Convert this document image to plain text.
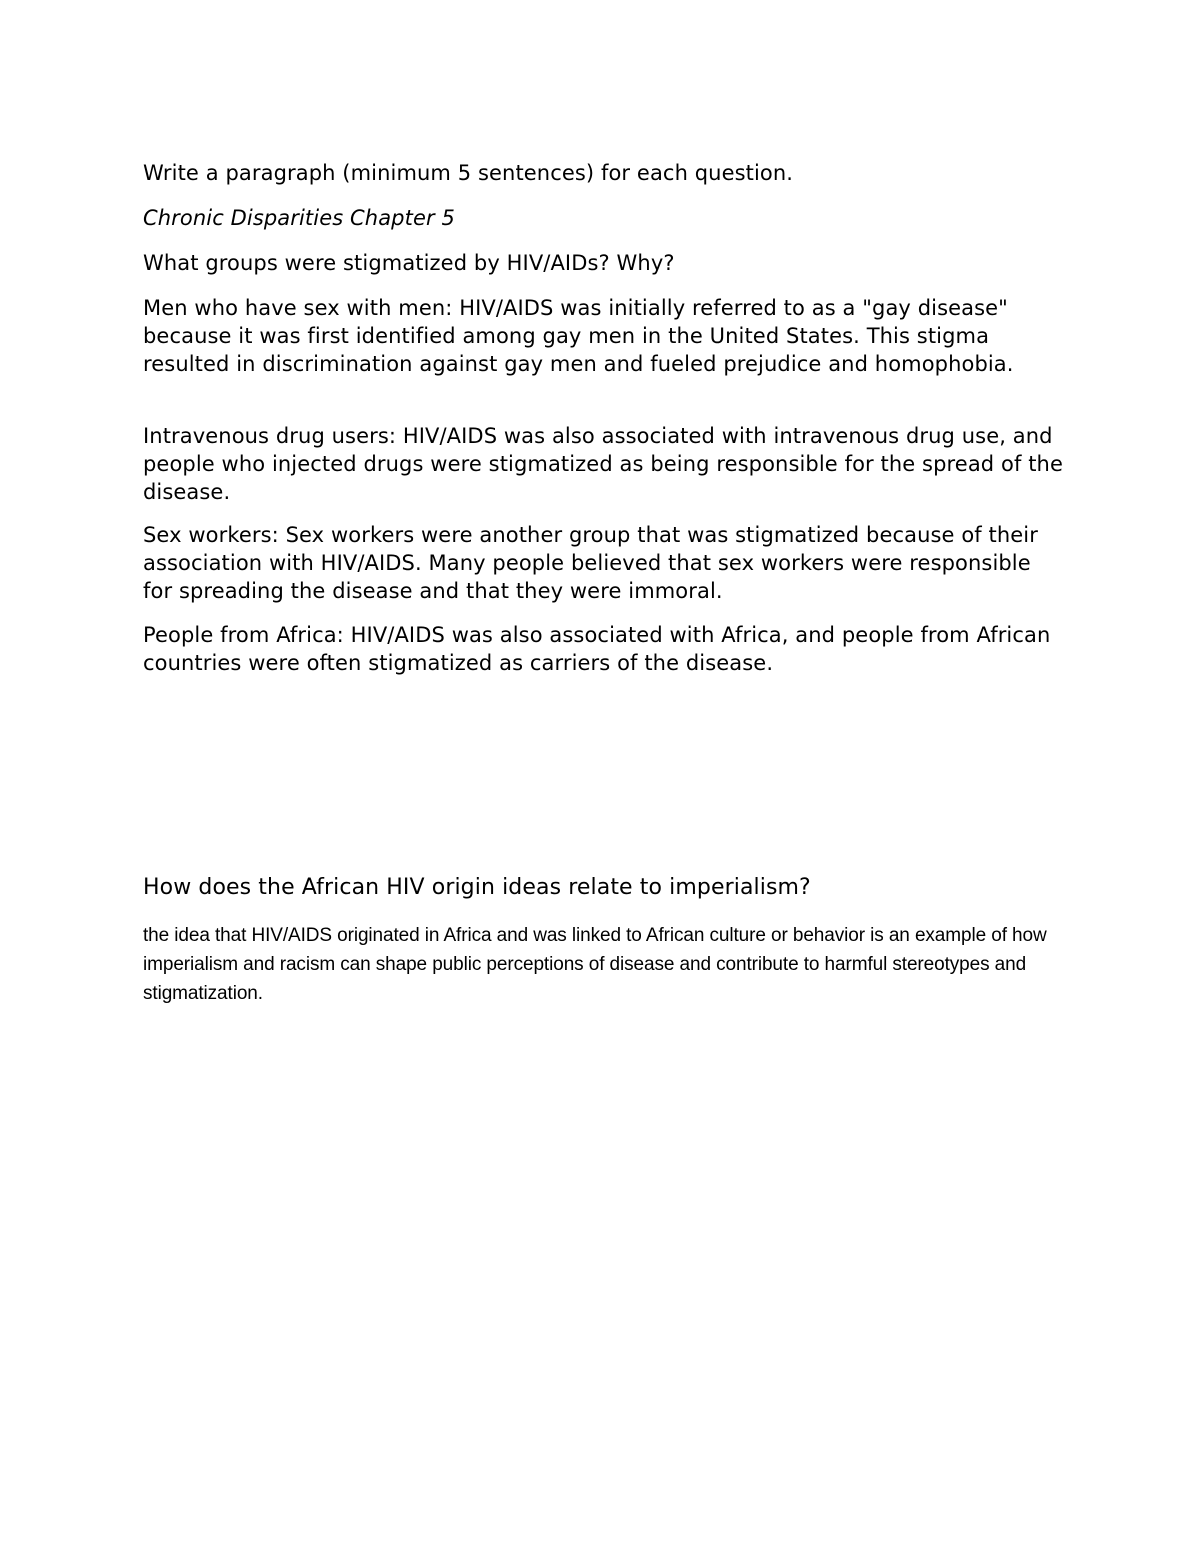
Write a paragraph (minimum 5 sentences) for each question.

Chronic Disparities Chapter 5

What groups were stigmatized by HIV/AIDs? Why?

Men who have sex with men: HIV/AIDS was initially referred to as a "gay disease" because it was first identified among gay men in the United States. This stigma resulted in discrimination against gay men and fueled prejudice and homophobia.

Intravenous drug users: HIV/AIDS was also associated with intravenous drug use, and people who injected drugs were stigmatized as being responsible for the spread of the disease.

Sex workers: Sex workers were another group that was stigmatized because of their association with HIV/AIDS. Many people believed that sex workers were responsible for spreading the disease and that they were immoral.

People from Africa: HIV/AIDS was also associated with Africa, and people from African countries were often stigmatized as carriers of the disease.

How does the African HIV origin ideas relate to imperialism?

the idea that HIV/AIDS originated in Africa and was linked to African culture or behavior is an example of how imperialism and racism can shape public perceptions of disease and contribute to harmful stereotypes and stigmatization.
